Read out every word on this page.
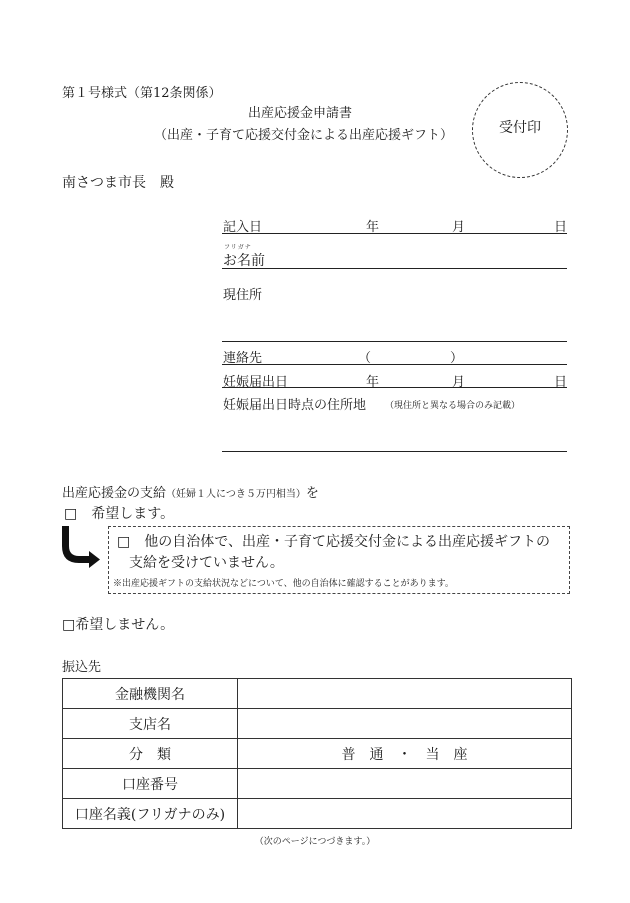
第１号様式（第12条関係）
出産応援金申請書
（出産・子育て応援交付金による出産応援ギフト）	受付印
南さつま市長　殿
記入日	年	月	日
フリガナ
お名前
現住所
連絡先	（	）
妊娠届出日	年	月	日
妊娠届出日時点の住所地 （現住所と異なる場合のみ記載）
出産応援金の支給（妊婦１人につき５万円相当）を
□　希望します。
□　他の自治体で、出産・子育て応援交付金による出産応援ギフトの
支給を受けていません。
※出産応援ギフトの支給状況などについて、他の自治体に確認することがあります。
□希望しません。
振込先
金融機関名	
支店名	
分　類	普　通　・　当　座
口座番号	
口座名義(フリガナのみ)	
（次のページにつづきます。）
